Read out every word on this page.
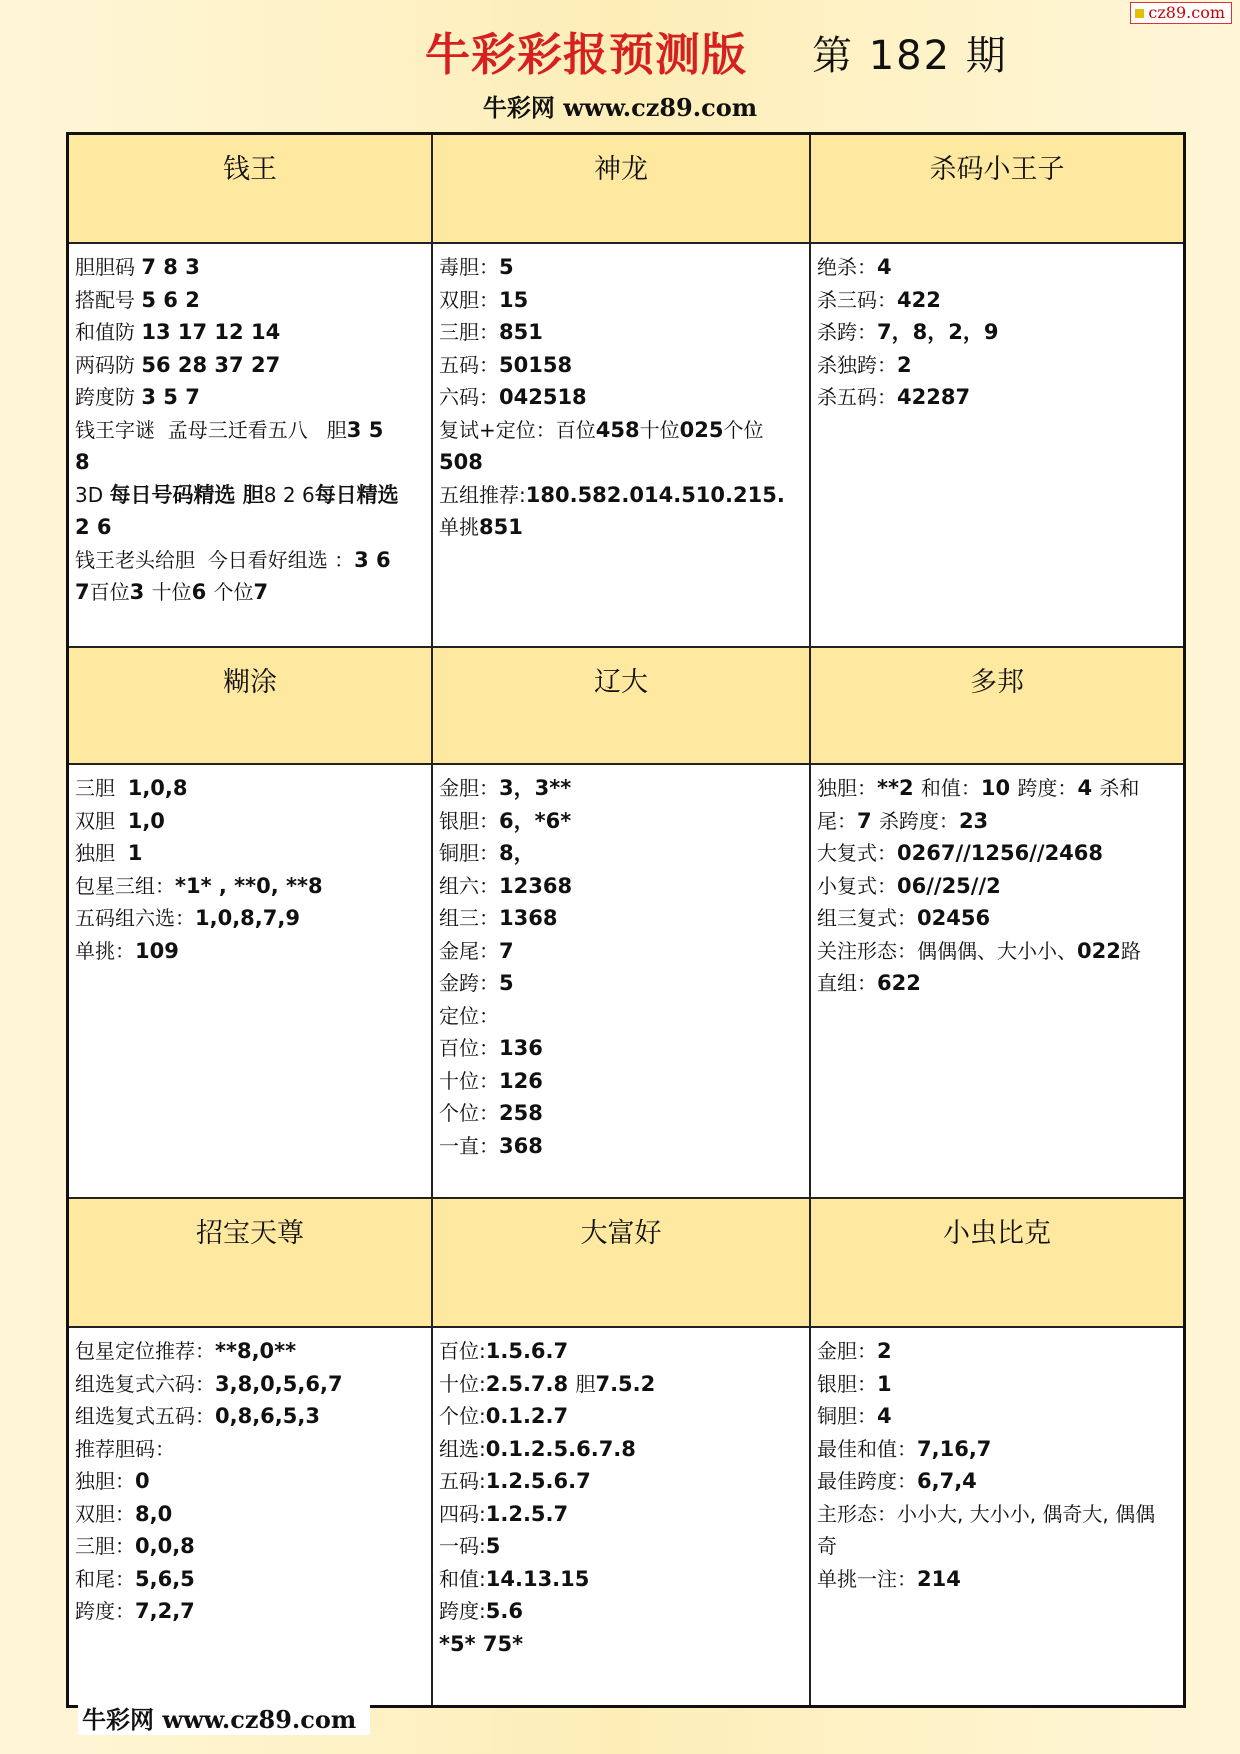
cz89.com
牛彩彩报预测版 第 182 期
牛彩网 www.cz89.com
钱王
胆胆码 7 8 3
搭配号 5 6 2
和值防 13 17 12 14
两码防 56 28 37 27
跨度防 3 5 7
钱王字谜  孟母三迁看五八   胆3 5
8
3D 每日号码精选 胆8 2 6每日精选
2 6
钱王老头给胆  今日看好组选 ：3 6
7百位3 十位6 个位7
神龙
毒胆：5
双胆：15
三胆：851
五码：50158
六码：042518
复试+定位：百位458十位025个位
508
五组推荐:180.582.014.510.215.
单挑851
杀码小王子
绝杀：4
杀三码：422
杀跨：7，8，2，9
杀独跨：2
杀五码：42287
糊涂
三胆  1,0,8
双胆  1,0
独胆  1
包星三组：*1* , **0, **8
五码组六选：1,0,8,7,9
单挑：109
辽大
金胆：3，3**
银胆：6，*6*
铜胆：8，
组六：12368
组三：1368
金尾：7
金跨：5
定位：
百位：136
十位：126
个位：258
一直：368
多邦
独胆：**2 和值：10 跨度：4 杀和
尾：7 杀跨度：23
大复式：0267//1256//2468
小复式：06//25//2
组三复式：02456
关注形态：偶偶偶、大小小、022路
直组：622
招宝天尊
包星定位推荐：**8,0**
组选复式六码：3,8,0,5,6,7
组选复式五码：0,8,6,5,3
推荐胆码：
独胆：0
双胆：8,0
三胆：0,0,8
和尾：5,6,5
跨度：7,2,7
大富好
百位:1.5.6.7
十位:2.5.7.8 胆7.5.2
个位:0.1.2.7
组选:0.1.2.5.6.7.8
五码:1.2.5.6.7
四码:1.2.5.7
一码:5
和值:14.13.15
跨度:5.6
*5* 75*
小虫比克
金胆：2
银胆：1
铜胆：4
最佳和值：7,16,7
最佳跨度：6,7,4
主形态：小小大, 大小小, 偶奇大, 偶偶
奇
单挑一注：214
牛彩网 www.cz89.com
